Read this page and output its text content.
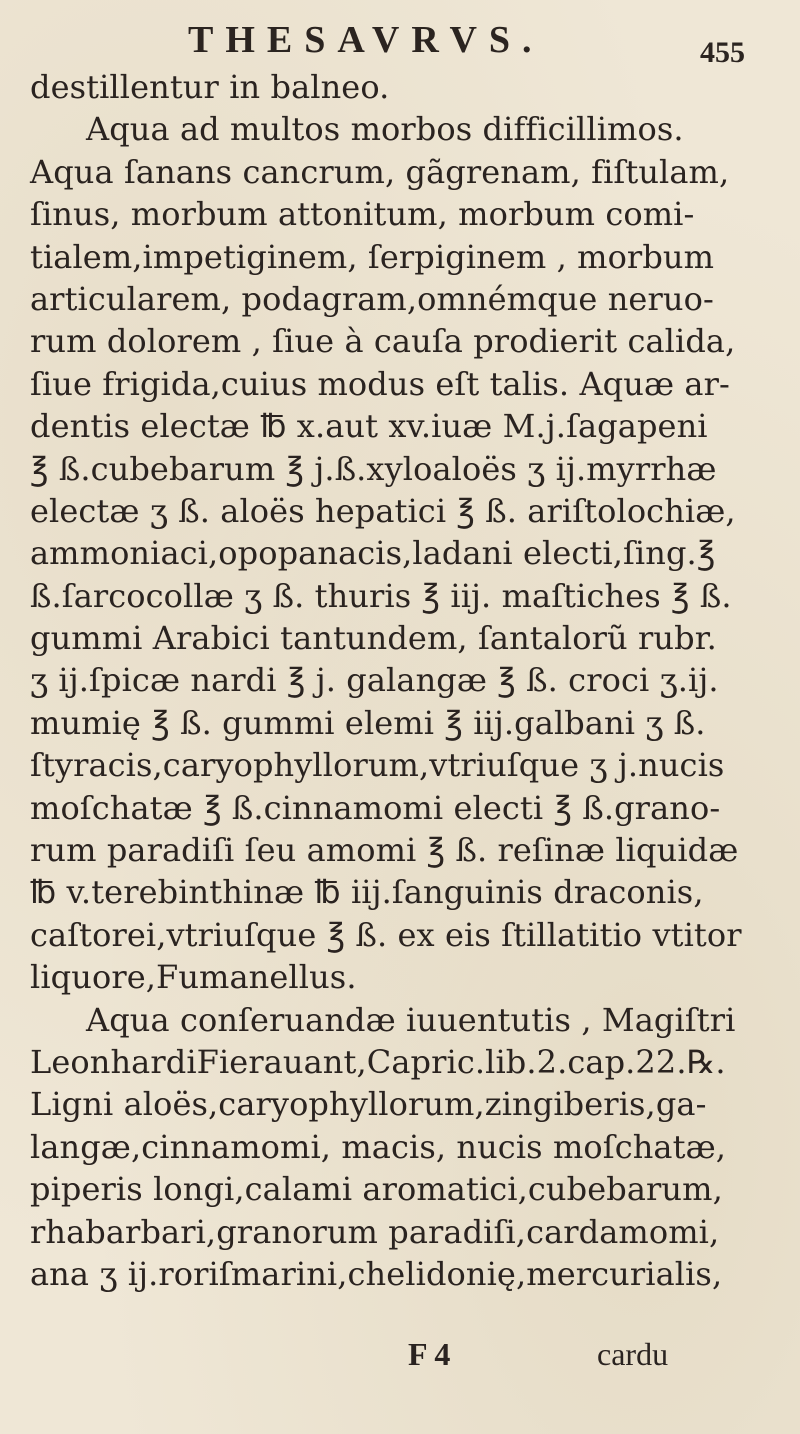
THESAVRVS.	455
destillentur in balneo.
Aqua ad multos morbos difficillimos.
Aqua ſanans cancrum, gãgrenam, fiſtulam,
ſinus, morbum attonitum, morbum comi-
tialem,impetiginem, ſerpiginem , morbum
articularem, podagram,omnémque neruo-
rum dolorem , ſiue à cauſa prodierit calida,
ſiue frigida,cuius modus eſt talis. Aquæ ar-
dentis electæ ℔ x.aut xv.iuæ M.j.ſagapeni
℥ ß.cubebarum ℥ j.ß.xyloaloës ʒ ij.myrrhæ
electæ ʒ ß. aloës hepatici ℥ ß. ariſtolochiæ,
ammoniaci,opopanacis,ladani electi,ſing.℥
ß.ſarcocollæ ʒ ß. thuris ℥ iij. maſtiches ℥ ß.
gummi Arabici tantundem, ſantalorũ rubr.
ʒ ij.ſpicæ nardi ℥ j. galangæ ℥ ß. croci ʒ.ij.
mumię ℥ ß. gummi elemi ℥ iij.galbani ʒ ß.
ſtyracis,caryophyllorum,vtriuſque ʒ j.nucis
moſchatæ ℥ ß.cinnamomi electi ℥ ß.grano-
rum paradiſi ſeu amomi ℥ ß. reſinæ liquidæ
℔ v.terebinthinæ ℔ iij.ſanguinis draconis,
caſtorei,vtriuſque ℥ ß. ex eis ſtillatitio vtitor
liquore,Fumanellus.
Aqua conſeruandæ iuuentutis , Magiſtri
LeonhardiFierauant,Capric.lib.2.cap.22.℞.
Ligni aloës,caryophyllorum,zingiberis,ga-
langæ,cinnamomi, macis, nucis moſchatæ,
piperis longi,calami aromatici,cubebarum,
rhabarbari,granorum paradiſi,cardamomi,
ana ʒ ij.roriſmarini,chelidonię,mercurialis,
F 4	cardu
